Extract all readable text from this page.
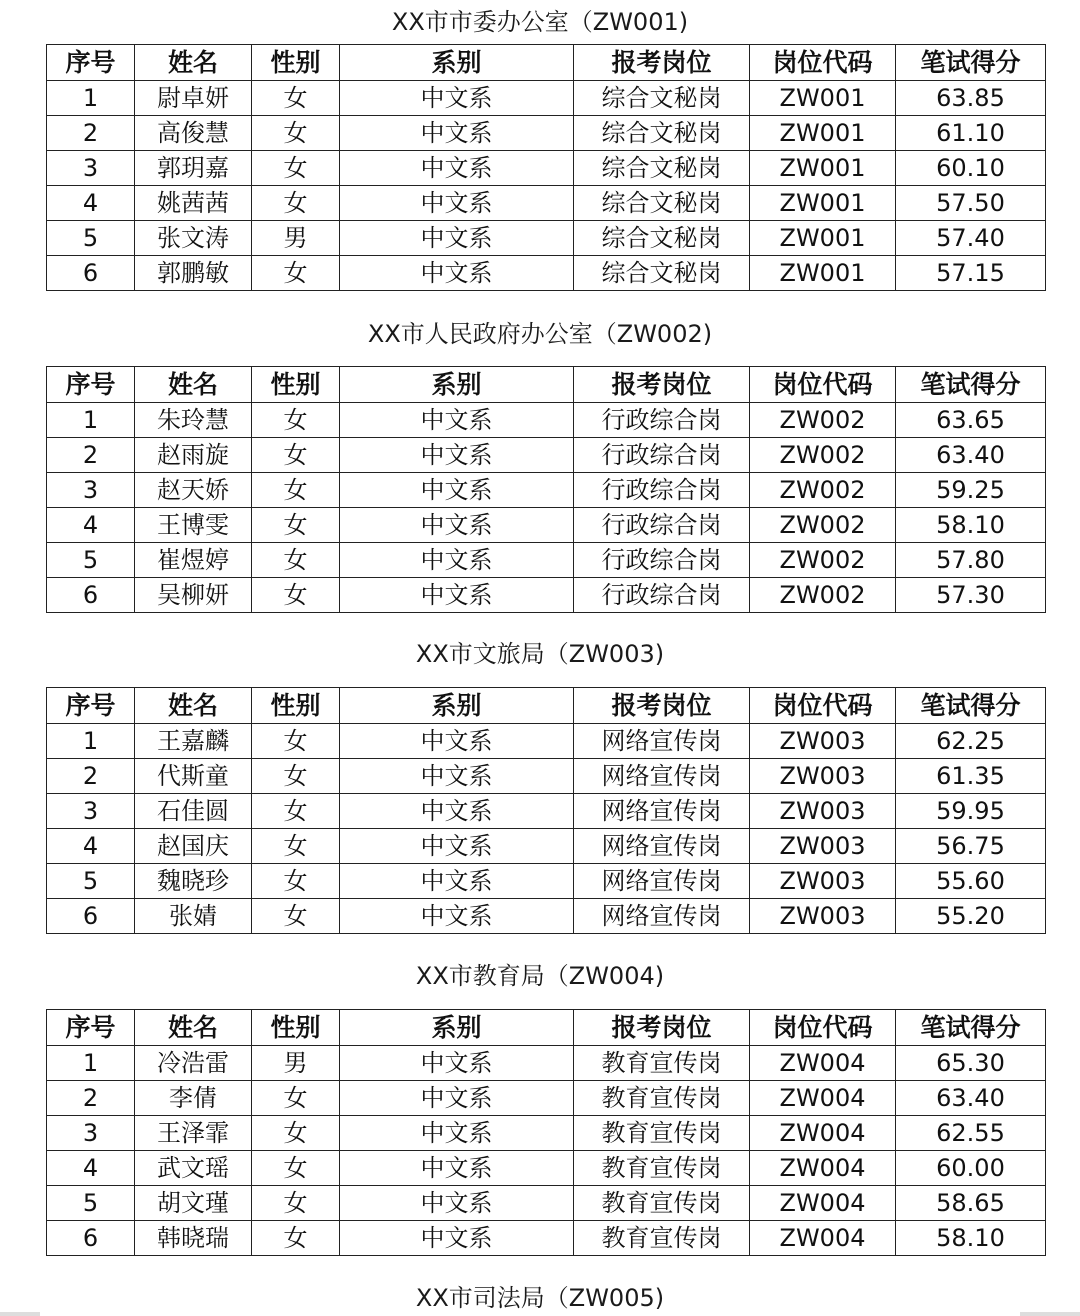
XX市市委办公室（ZW001)
序号	姓名	性别	系别	报考岗位	岗位代码	笔试得分
1	尉卓妍	女	中文系	综合文秘岗	ZW001	63.85
2	高俊慧	女	中文系	综合文秘岗	ZW001	61.10
3	郭玥嘉	女	中文系	综合文秘岗	ZW001	60.10
4	姚茜茜	女	中文系	综合文秘岗	ZW001	57.50
5	张文涛	男	中文系	综合文秘岗	ZW001	57.40
6	郭鹏敏	女	中文系	综合文秘岗	ZW001	57.15
XX市人民政府办公室（ZW002)
序号	姓名	性别	系别	报考岗位	岗位代码	笔试得分
1	朱玲慧	女	中文系	行政综合岗	ZW002	63.65
2	赵雨旋	女	中文系	行政综合岗	ZW002	63.40
3	赵天娇	女	中文系	行政综合岗	ZW002	59.25
4	王博雯	女	中文系	行政综合岗	ZW002	58.10
5	崔煜婷	女	中文系	行政综合岗	ZW002	57.80
6	吴柳妍	女	中文系	行政综合岗	ZW002	57.30
XX市文旅局（ZW003)
序号	姓名	性别	系别	报考岗位	岗位代码	笔试得分
1	王嘉麟	女	中文系	网络宣传岗	ZW003	62.25
2	代斯童	女	中文系	网络宣传岗	ZW003	61.35
3	石佳圆	女	中文系	网络宣传岗	ZW003	59.95
4	赵国庆	女	中文系	网络宣传岗	ZW003	56.75
5	魏晓珍	女	中文系	网络宣传岗	ZW003	55.60
6	张婧	女	中文系	网络宣传岗	ZW003	55.20
XX市教育局（ZW004)
序号	姓名	性别	系别	报考岗位	岗位代码	笔试得分
1	冷浩雷	男	中文系	教育宣传岗	ZW004	65.30
2	李倩	女	中文系	教育宣传岗	ZW004	63.40
3	王泽霏	女	中文系	教育宣传岗	ZW004	62.55
4	武文瑶	女	中文系	教育宣传岗	ZW004	60.00
5	胡文瑾	女	中文系	教育宣传岗	ZW004	58.65
6	韩晓瑞	女	中文系	教育宣传岗	ZW004	58.10
XX市司法局（ZW005)
